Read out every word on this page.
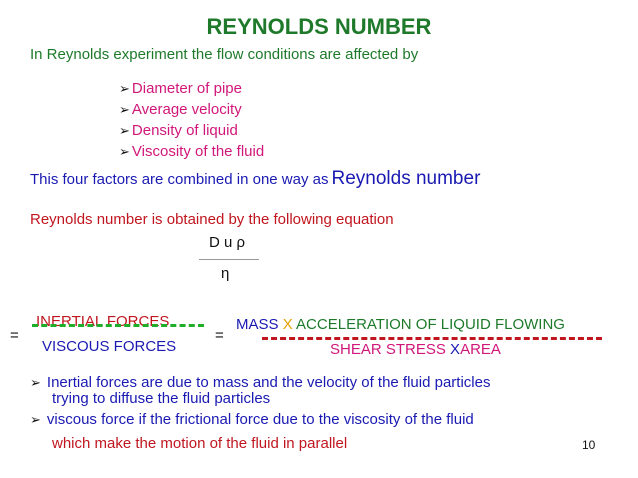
REYNOLDS NUMBER
In Reynolds experiment the flow conditions are affected by
➢ Diameter of pipe
➢ Average velocity
➢ Density of liquid
➢ Viscosity of the fluid
This four factors are combined in one way as Reynolds number
Reynolds number is obtained by the following equation
D u ρ
η
=
INERTIAL FORCES
VISCOUS FORCES
=
MASS X ACCELERATION OF LIQUID FLOWING
SHEAR STRESS XAREA
➢ Inertial forces are due to mass and the velocity of the fluid particles
trying to diffuse the fluid particles
➢ viscous force if the frictional force due to the viscosity of the fluid
which make the motion of the fluid in parallel	10
